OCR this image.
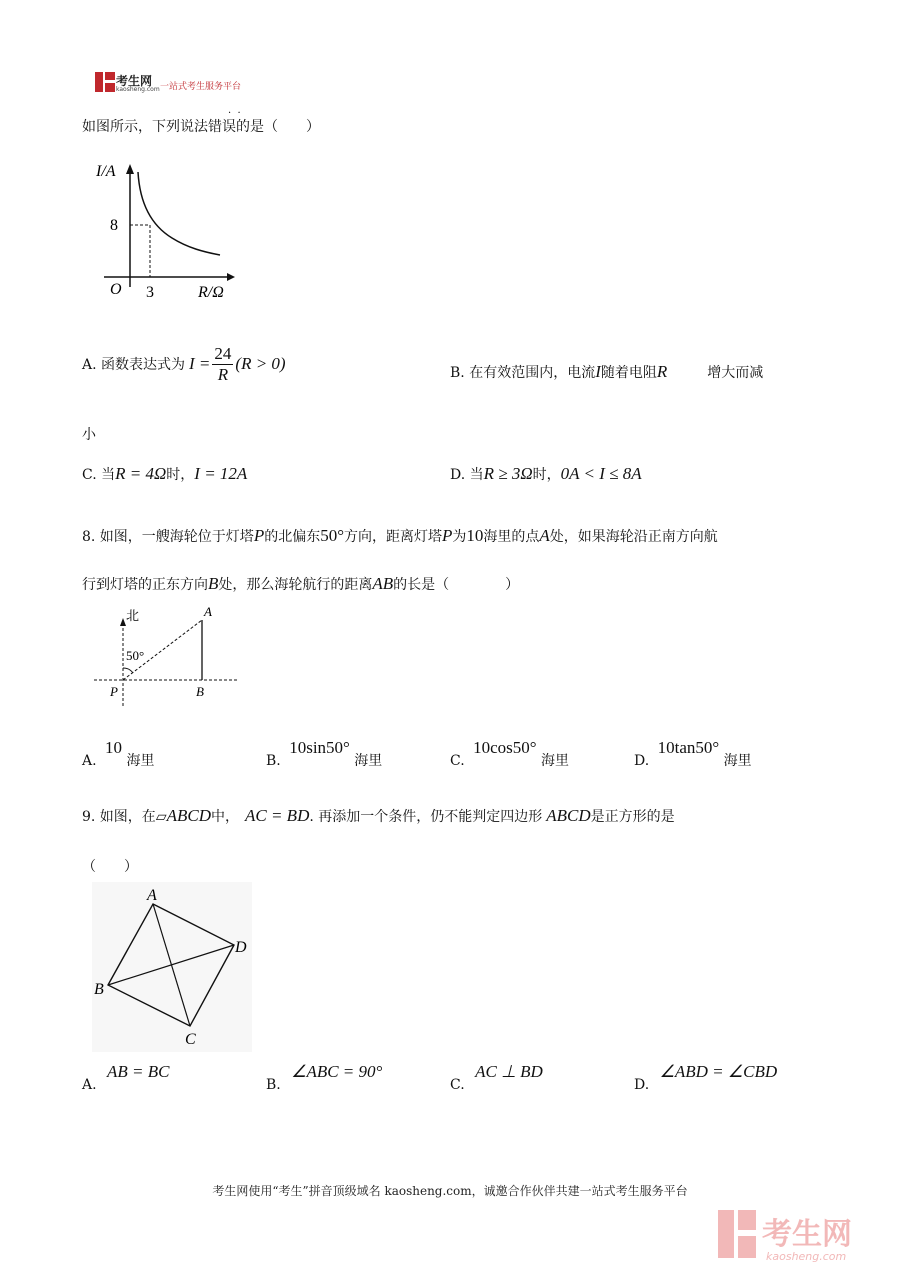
考生网
kaosheng.com 一站式考生服务平台
如图所示，下列说法错误的是（　　）
·  ·
I/A
8
O 3	R/Ω
A. 函数表达式为 $I = \frac{24}{R} (R > 0)$	B. 在有效范围内，电流I随着电阻R	增大而减
小
C. 当R = 4Ω时，I = 12A	D. 当R ≥ 3Ω时，0A < I ≤ 8A
8. 如图，一艘海轮位于灯塔P的北偏东50°方向，距离灯塔P为10海里的点A处，如果海轮沿正南方向航
行到灯塔的正东方向B处，那么海轮航行的距离AB的长是（　　　　）
北
50°
A
P	B
A. 10 海里	B. 10sin50° 海里	C. 10cos50° 海里	D. 10tan50° 海里
9. 如图，在▱ABCD中， AC = BD. 再添加一个条件，仍不能判定四边形 ABCD是正方形的是
（　　）
A
B
C
D
A. AB = BC
B. ∠ABC = 90°
C. AC ⊥ BD
D. ∠ABD = ∠CBD
考生网使用“考生”拼音顶级域名 kaosheng.com，诚邀合作伙伴共建一站式考生服务平台
考生网
kaosheng.com
